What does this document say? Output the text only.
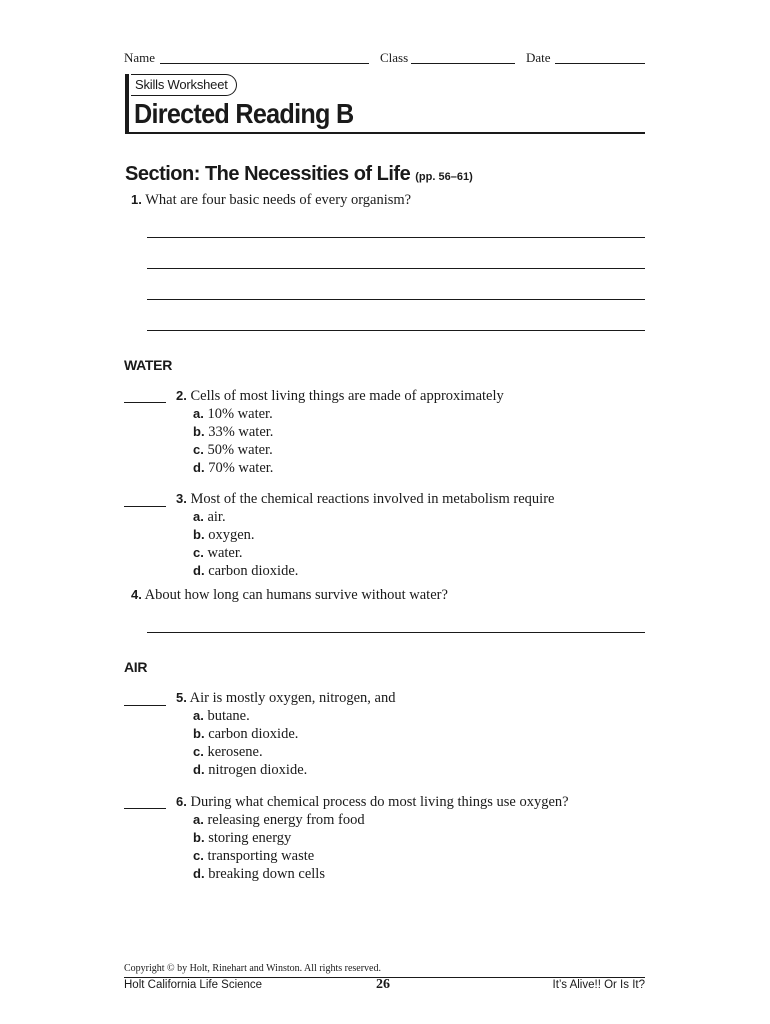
Name	Class	Date
Skills Worksheet
Directed Reading B
Section: The Necessities of Life (pp. 56–61)
1. What are four basic needs of every organism?
WATER
2. Cells of most living things are made of approximately
a. 10% water.
b. 33% water.
c. 50% water.
d. 70% water.
3. Most of the chemical reactions involved in metabolism require
a. air.
b. oxygen.
c. water.
d. carbon dioxide.
4. About how long can humans survive without water?
AIR
5. Air is mostly oxygen, nitrogen, and
a. butane.
b. carbon dioxide.
c. kerosene.
d. nitrogen dioxide.
6. During what chemical process do most living things use oxygen?
a. releasing energy from food
b. storing energy
c. transporting waste
d. breaking down cells
Copyright © by Holt, Rinehart and Winston. All rights reserved.
Holt California Life Science	26	It’s Alive!! Or Is It?
